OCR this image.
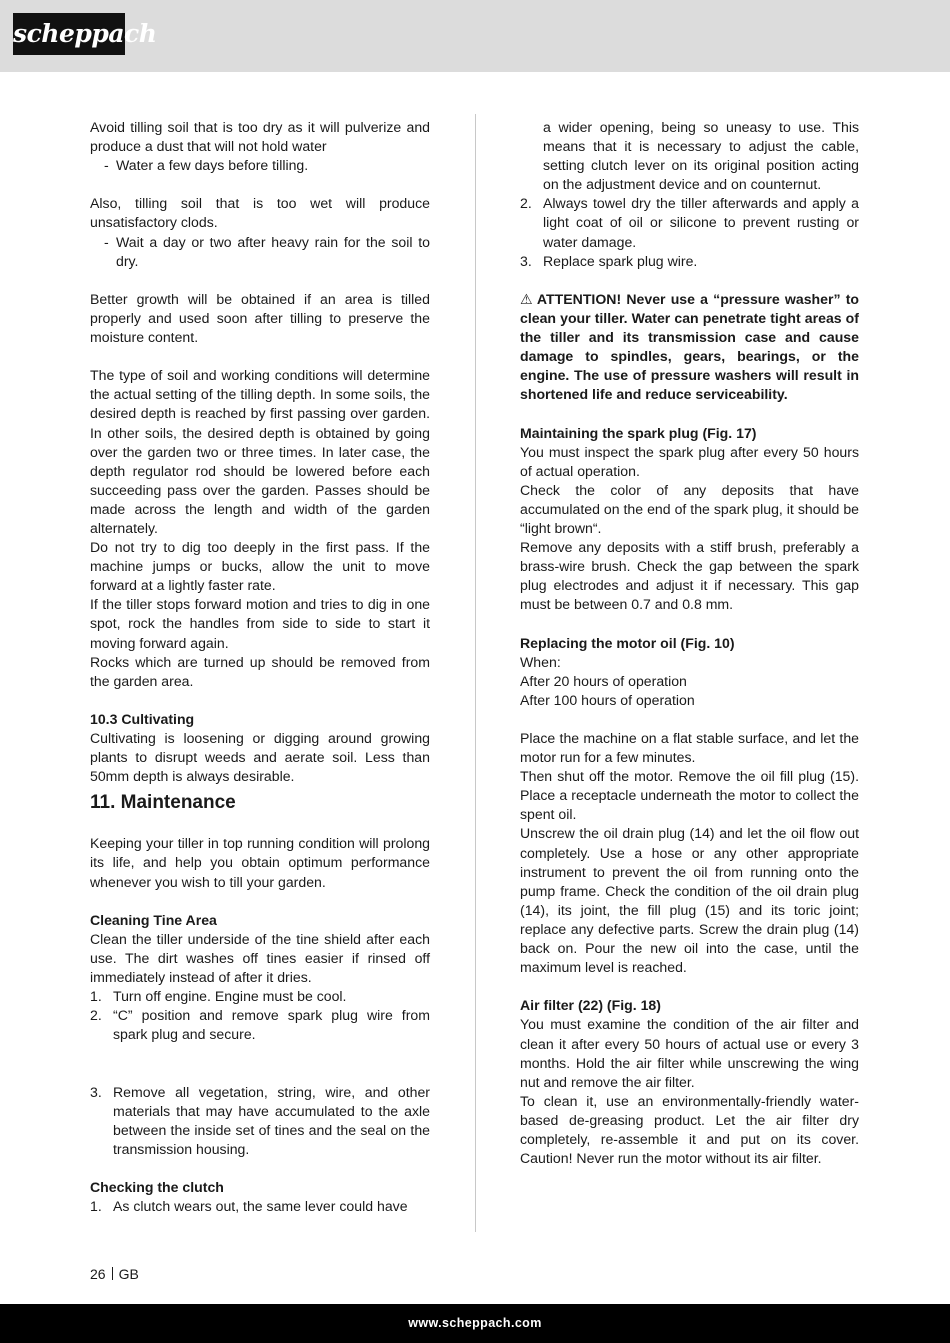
scheppach

Avoid tilling soil that is too dry as it will pulverize and produce a dust that will not hold water

- Water a few days before tilling.

Also, tilling soil that is too wet will produce unsatisfactory clods.

- Wait a day or two after heavy rain for the soil to dry.

Better growth will be obtained if an area is tilled properly and used soon after tilling to preserve the moisture content.

The type of soil and working conditions will determine the actual setting of the tilling depth. In some soils, the desired depth is reached by first passing over garden. In other soils, the desired depth is obtained by going over the garden two or three times. In later case, the depth regulator rod should be lowered before each succeeding pass over the garden. Passes should be made across the length and width of the garden alternately.

Do not try to dig too deeply in the first pass. If the machine jumps or bucks, allow the unit to move forward at a lightly faster rate.

If the tiller stops forward motion and tries to dig in one spot, rock the handles from side to side to start it moving forward again.

Rocks which are turned up should be removed from the garden area.

10.3 Cultivating

Cultivating is loosening or digging around growing plants to disrupt weeds and aerate soil. Less than 50mm depth is always desirable.

11. Maintenance

Keeping your tiller in top running condition will prolong its life, and help you obtain optimum performance whenever you wish to till your garden.

Cleaning Tine Area

Clean the tiller underside of the tine shield after each use. The dirt washes off tines easier if rinsed off immediately instead of after it dries.

1. Turn off engine. Engine must be cool.
2. “C” position and remove spark plug wire from spark plug and secure.
3. Remove all vegetation, string, wire, and other materials that may have accumulated to the axle between the inside set of tines and the seal on the transmission housing.

Checking the clutch

1. As clutch wears out, the same lever could have

a wider opening, being so uneasy to use. This means that it is necessary to adjust the cable, setting clutch lever on its original position acting on the adjustment device and on counternut.

2. Always towel dry the tiller afterwards and apply a light coat of oil or silicone to prevent rusting or water damage.
3. Replace spark plug wire.

⚠ ATTENTION! Never use a “pressure washer” to clean your tiller. Water can penetrate tight areas of the tiller and its transmission case and cause damage to spindles, gears, bearings, or the engine. The use of pressure washers will result in shortened life and reduce serviceability.

Maintaining the spark plug (Fig. 17)

You must inspect the spark plug after every 50 hours of actual operation.

Check the color of any deposits that have accumulated on the end of the spark plug, it should be “light brown“.

Remove any deposits with a stiff brush, preferably a brass-wire brush. Check the gap between the spark plug electrodes and adjust it if necessary. This gap must be between 0.7 and 0.8 mm.

Replacing the motor oil (Fig. 10)

When:

After 20 hours of operation

After 100 hours of operation

Place the machine on a flat stable surface, and let the motor run for a few minutes.

Then shut off the motor. Remove the oil fill plug (15). Place a receptacle underneath the motor to collect the spent oil.

Unscrew the oil drain plug (14) and let the oil flow out completely. Use a hose or any other appropriate instrument to prevent the oil from running onto the pump frame. Check the condition of the oil drain plug (14), its joint, the fill plug (15) and its toric joint; replace any defective parts. Screw the drain plug (14) back on. Pour the new oil into the case, until the maximum level is reached.

Air filter (22) (Fig. 18)

You must examine the condition of the air filter and clean it after every 50 hours of actual use or every 3 months. Hold the air filter while unscrewing the wing nut and remove the air filter.

To clean it, use an environmentally-friendly water-based de-greasing product. Let the air filter dry completely, re-assemble it and put on its cover. Caution! Never run the motor without its air filter.

26 GB
www.scheppach.com
